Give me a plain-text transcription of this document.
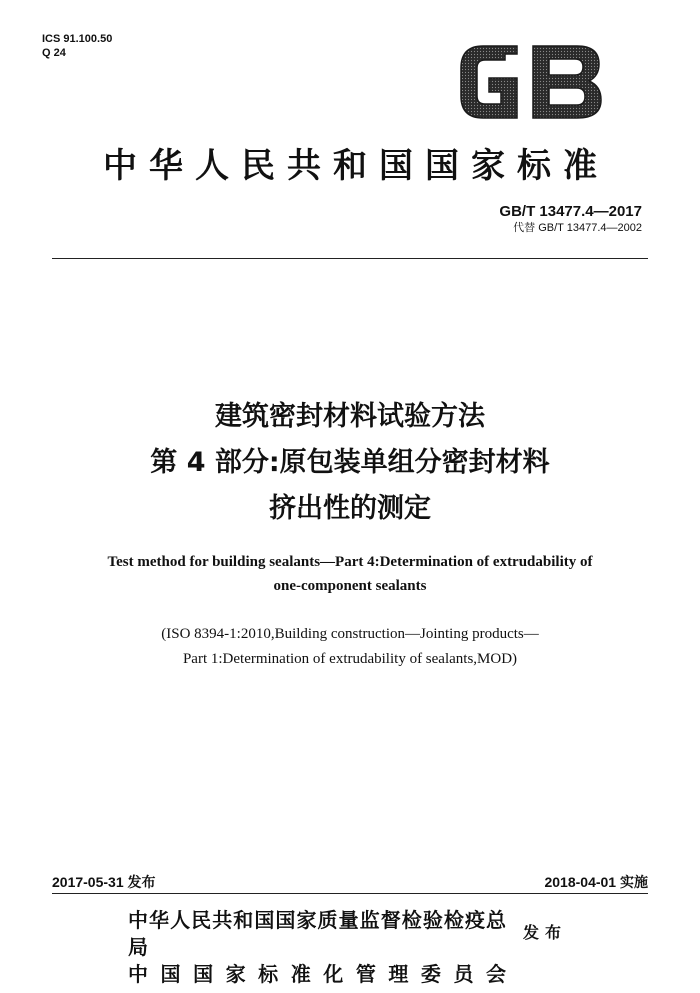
ICS 91.100.50
Q 24
中华人民共和国国家标准
GB/T 13477.4—2017
代替 GB/T 13477.4—2002
建筑密封材料试验方法
第 4 部分:原包装单组分密封材料
挤出性的测定
Test method for building sealants—Part 4:Determination of extrudability of
one-component sealants
(ISO 8394-1:2010,Building construction—Jointing products—
Part 1:Determination of extrudability of sealants,MOD)
2017-05-31 发布	2018-04-01 实施
中华人民共和国国家质量监督检验检疫总局
中 国 国 家 标 准 化 管 理 委 员 会
发布
